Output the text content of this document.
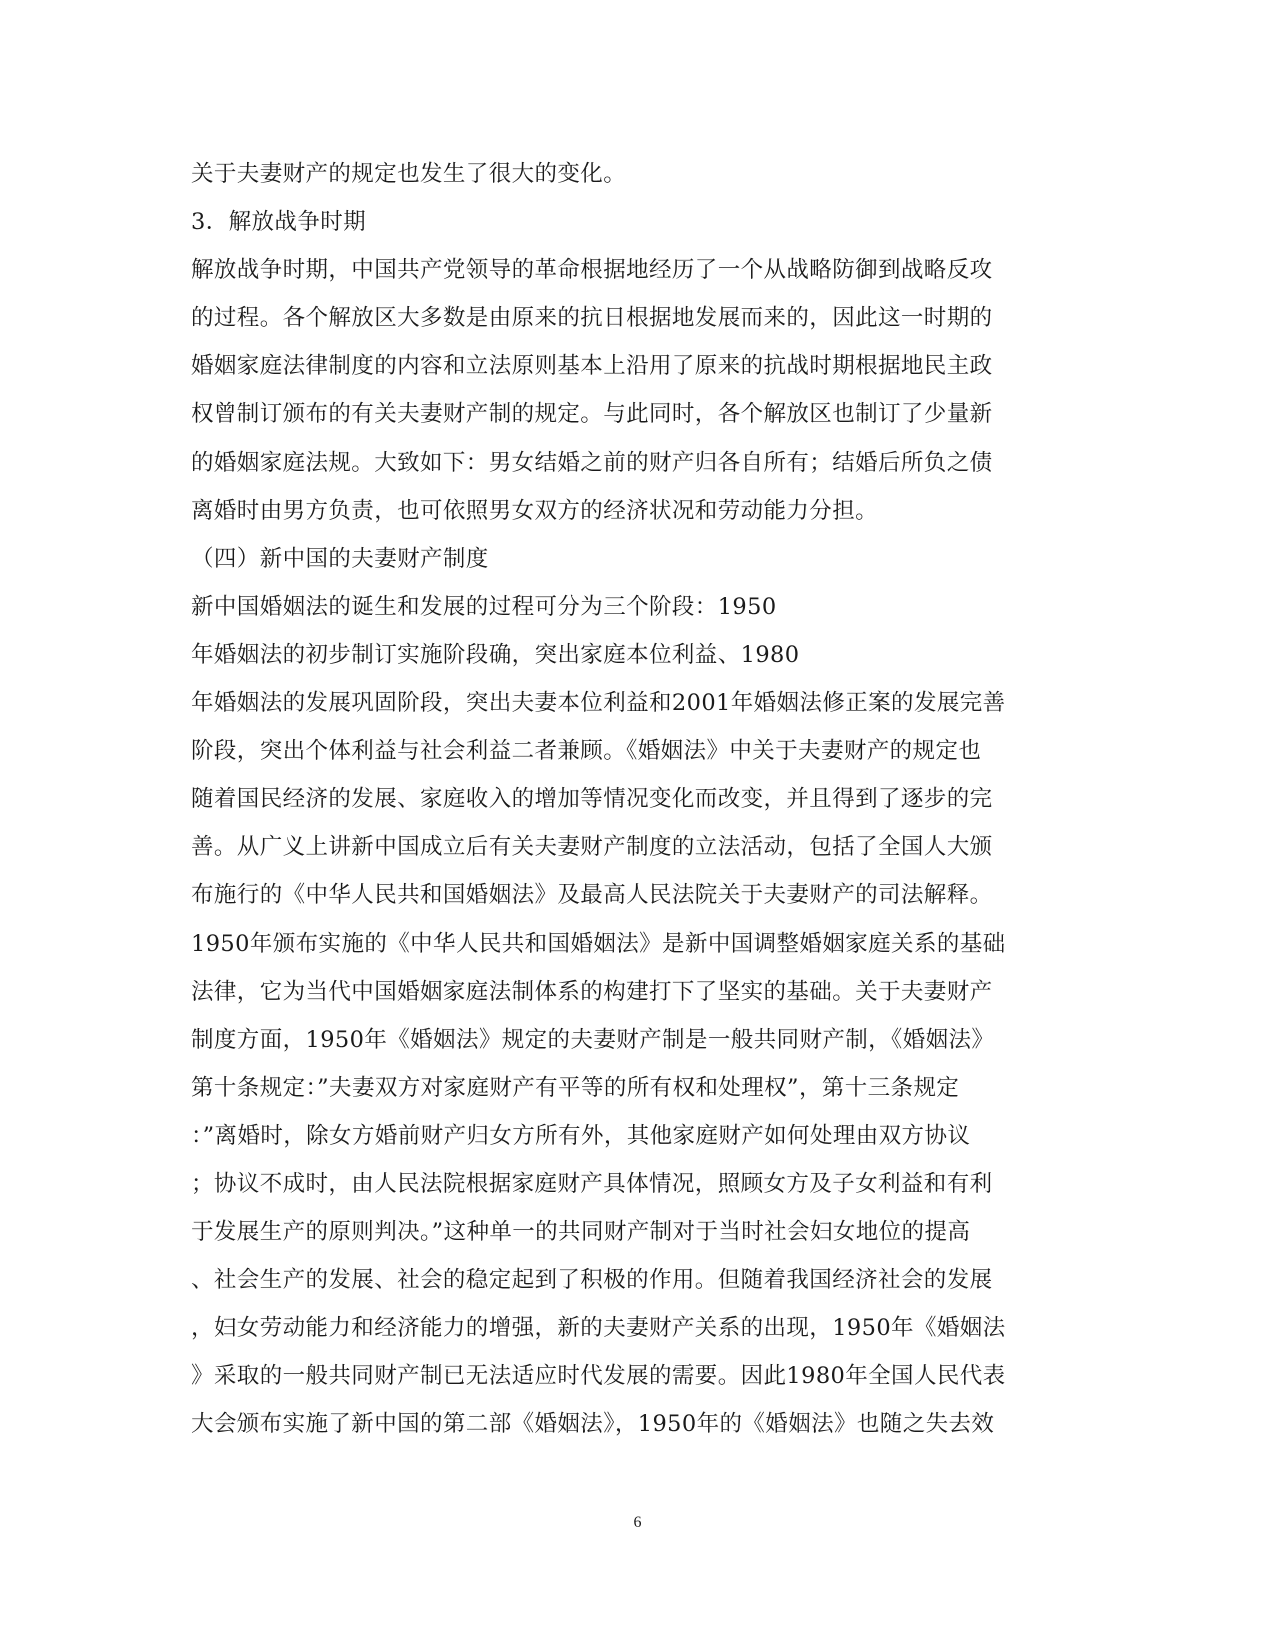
关于夫妻财产的规定也发生了很大的变化。
3．解放战争时期
解放战争时期，中国共产党领导的革命根据地经历了一个从战略防御到战略反攻
的过程。各个解放区大多数是由原来的抗日根据地发展而来的，因此这一时期的
婚姻家庭法律制度的内容和立法原则基本上沿用了原来的抗战时期根据地民主政
权曾制订颁布的有关夫妻财产制的规定。与此同时，各个解放区也制订了少量新
的婚姻家庭法规。大致如下：男女结婚之前的财产归各自所有；结婚后所负之债
离婚时由男方负责，也可依照男女双方的经济状况和劳动能力分担。
（四）新中国的夫妻财产制度
新中国婚姻法的诞生和发展的过程可分为三个阶段：1950
年婚姻法的初步制订实施阶段确，突出家庭本位利益、1980
年婚姻法的发展巩固阶段，突出夫妻本位利益和2001年婚姻法修正案的发展完善
阶段，突出个体利益与社会利益二者兼顾。《婚姻法》中关于夫妻财产的规定也
随着国民经济的发展、家庭收入的增加等情况变化而改变，并且得到了逐步的完
善。从广义上讲新中国成立后有关夫妻财产制度的立法活动，包括了全国人大颁
布施行的《中华人民共和国婚姻法》及最高人民法院关于夫妻财产的司法解释。
1950年颁布实施的《中华人民共和国婚姻法》是新中国调整婚姻家庭关系的基础
法律，它为当代中国婚姻家庭法制体系的构建打下了坚实的基础。关于夫妻财产
制度方面，1950年《婚姻法》规定的夫妻财产制是一般共同财产制，《婚姻法》
第十条规定：”夫妻双方对家庭财产有平等的所有权和处理权”，第十三条规定
：”离婚时，除女方婚前财产归女方所有外，其他家庭财产如何处理由双方协议
；协议不成时，由人民法院根据家庭财产具体情况，照顾女方及子女利益和有利
于发展生产的原则判决。”这种单一的共同财产制对于当时社会妇女地位的提高
、社会生产的发展、社会的稳定起到了积极的作用。但随着我国经济社会的发展
，妇女劳动能力和经济能力的增强，新的夫妻财产关系的出现，1950年《婚姻法
》采取的一般共同财产制已无法适应时代发展的需要。因此1980年全国人民代表
大会颁布实施了新中国的第二部《婚姻法》，1950年的《婚姻法》也随之失去效
6
